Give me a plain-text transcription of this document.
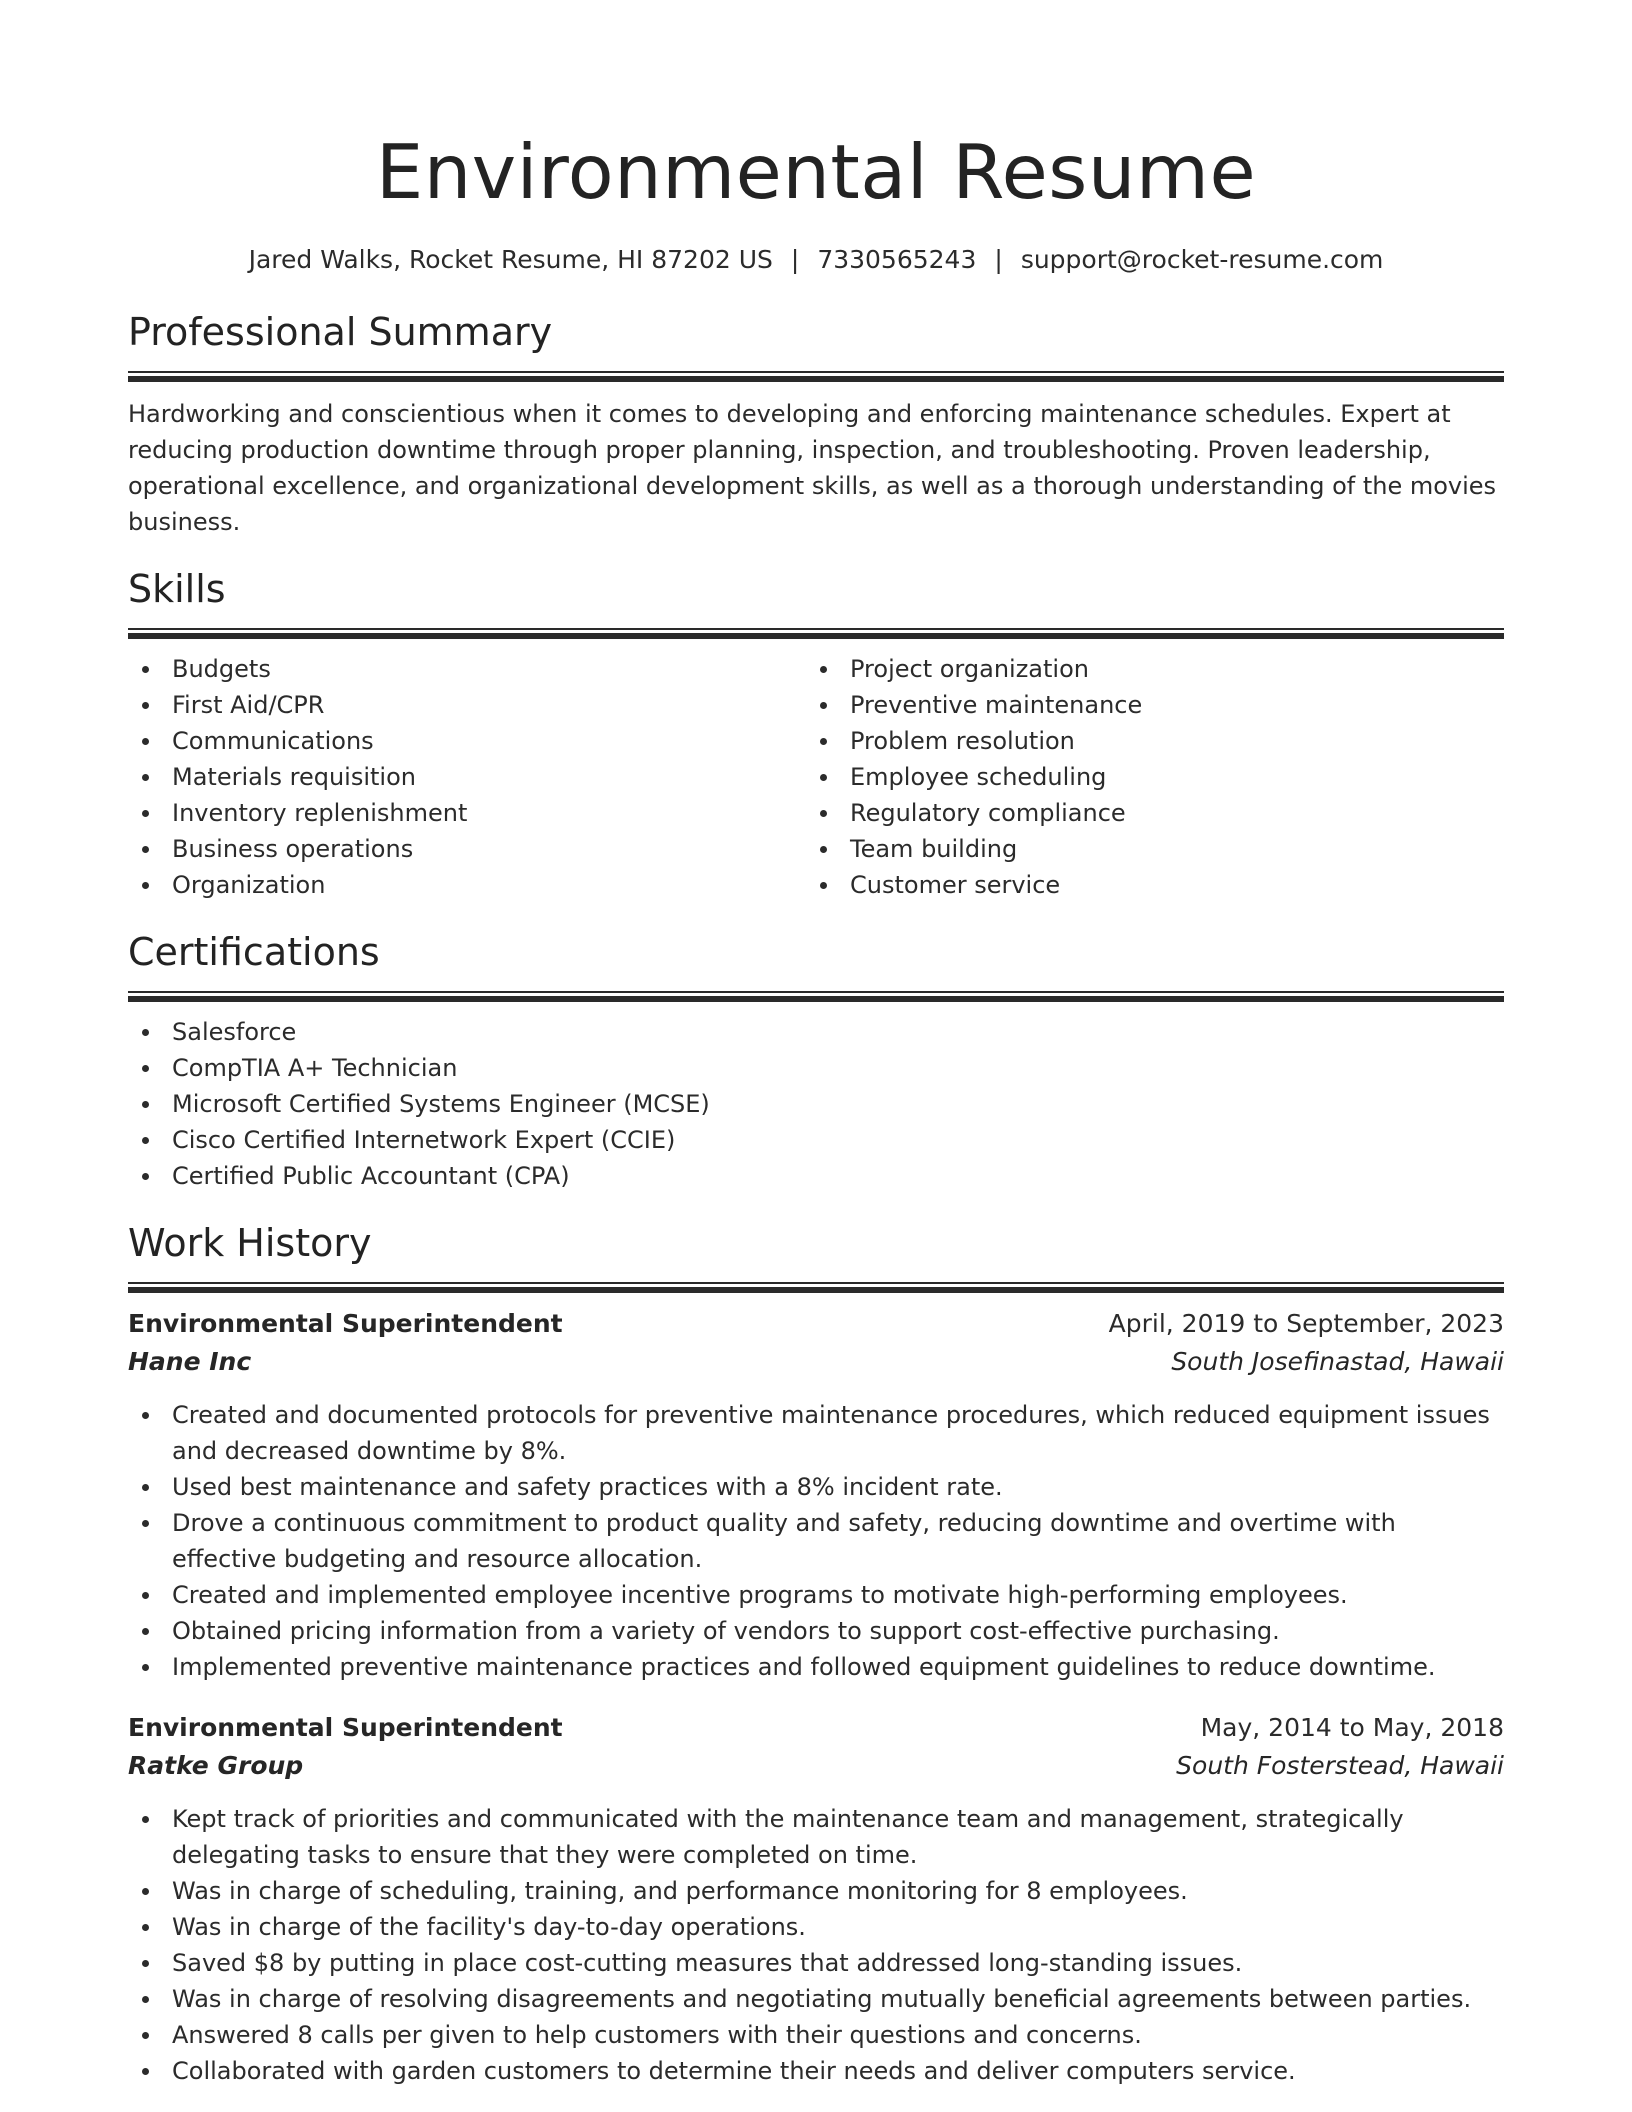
Environmental Resume
Jared Walks, Rocket Resume, HI 87202 US | 7330565243 | support@rocket-resume.com
Professional Summary

Hardworking and conscientious when it comes to developing and enforcing maintenance schedules. Expert at reducing production downtime through proper planning, inspection, and troubleshooting. Proven leadership, operational excellence, and organizational development skills, as well as a thorough understanding of the movies business.

Skills
Budgets
First Aid/CPR
Communications
Materials requisition
Inventory replenishment
Business operations
Organization
Project organization
Preventive maintenance
Problem resolution
Employee scheduling
Regulatory compliance
Team building
Customer service
Certifications
Salesforce
CompTIA A+ Technician
Microsoft Certified Systems Engineer (MCSE)
Cisco Certified Internetwork Expert (CCIE)
Certified Public Accountant (CPA)
Work History
Environmental Superintendent	April, 2019 to September, 2023
Hane Inc	South Josefinastad, Hawaii
Created and documented protocols for preventive maintenance procedures, which reduced equipment issues and decreased downtime by 8%.
Used best maintenance and safety practices with a 8% incident rate.
Drove a continuous commitment to product quality and safety, reducing downtime and overtime with effective budgeting and resource allocation.
Created and implemented employee incentive programs to motivate high-performing employees.
Obtained pricing information from a variety of vendors to support cost-effective purchasing.
Implemented preventive maintenance practices and followed equipment guidelines to reduce downtime.
Environmental Superintendent	May, 2014 to May, 2018
Ratke Group	South Fosterstead, Hawaii
Kept track of priorities and communicated with the maintenance team and management, strategically delegating tasks to ensure that they were completed on time.
Was in charge of scheduling, training, and performance monitoring for 8 employees.
Was in charge of the facility's day-to-day operations.
Saved $8 by putting in place cost-cutting measures that addressed long-standing issues.
Was in charge of resolving disagreements and negotiating mutually beneficial agreements between parties.
Answered 8 calls per given to help customers with their questions and concerns.
Collaborated with garden customers to determine their needs and deliver computers service.
